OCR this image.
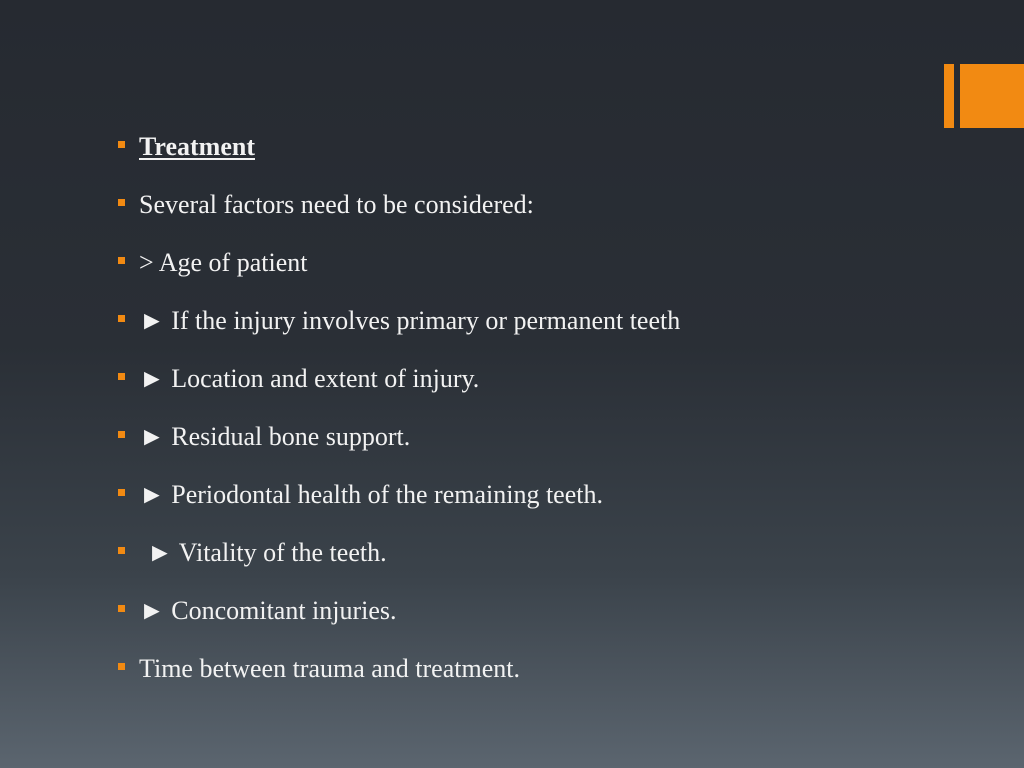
Treatment
Several factors need to be considered:
> Age of patient
► If the injury involves primary or permanent teeth
► Location and extent of injury.
► Residual bone support.
► Periodontal health of the remaining teeth.
► Vitality of the teeth.
► Concomitant injuries.
Time between trauma and treatment.
